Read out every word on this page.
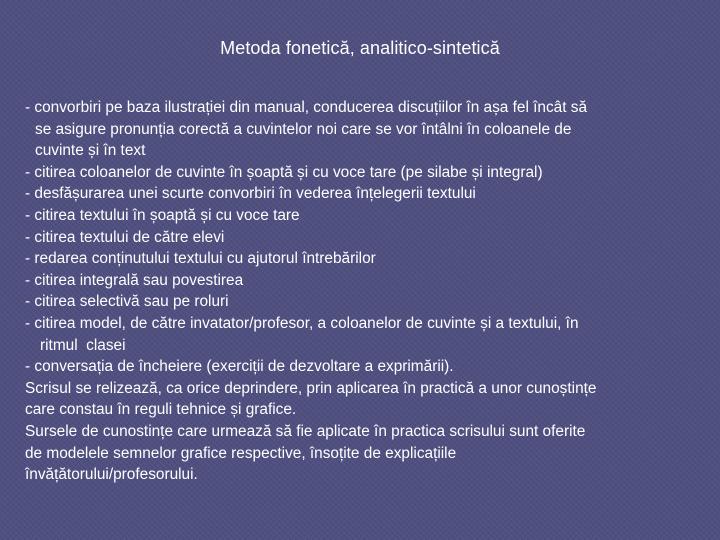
Metoda fonetică, analitico-sintetică
- convorbiri pe baza ilustrației din manual, conducerea discuțiilor în așa fel încât să
se asigure pronunția corectă a cuvintelor noi care se vor întâlni în coloanele de
cuvinte și în text
- citirea coloanelor de cuvinte în șoaptă și cu voce tare (pe silabe și integral)
- desfășurarea unei scurte convorbiri în vederea înțelegerii textului
- citirea textului în șoaptă și cu voce tare
- citirea textului de către elevi
- redarea conținutului textului cu ajutorul întrebărilor
- citirea integrală sau povestirea
- citirea selectivă sau pe roluri
- citirea model, de către invatator/profesor, a coloanelor de cuvinte și a textului, în
ritmul  clasei
- conversația de încheiere (exerciții de dezvoltare a exprimării).
Scrisul se relizează, ca orice deprindere, prin aplicarea în practică a unor cunoștințe
care constau în reguli tehnice și grafice.
Sursele de cunostințe care urmează să fie aplicate în practica scrisului sunt oferite
de modelele semnelor grafice respective, însoțite de explicațiile
învățătorului/profesorului.
